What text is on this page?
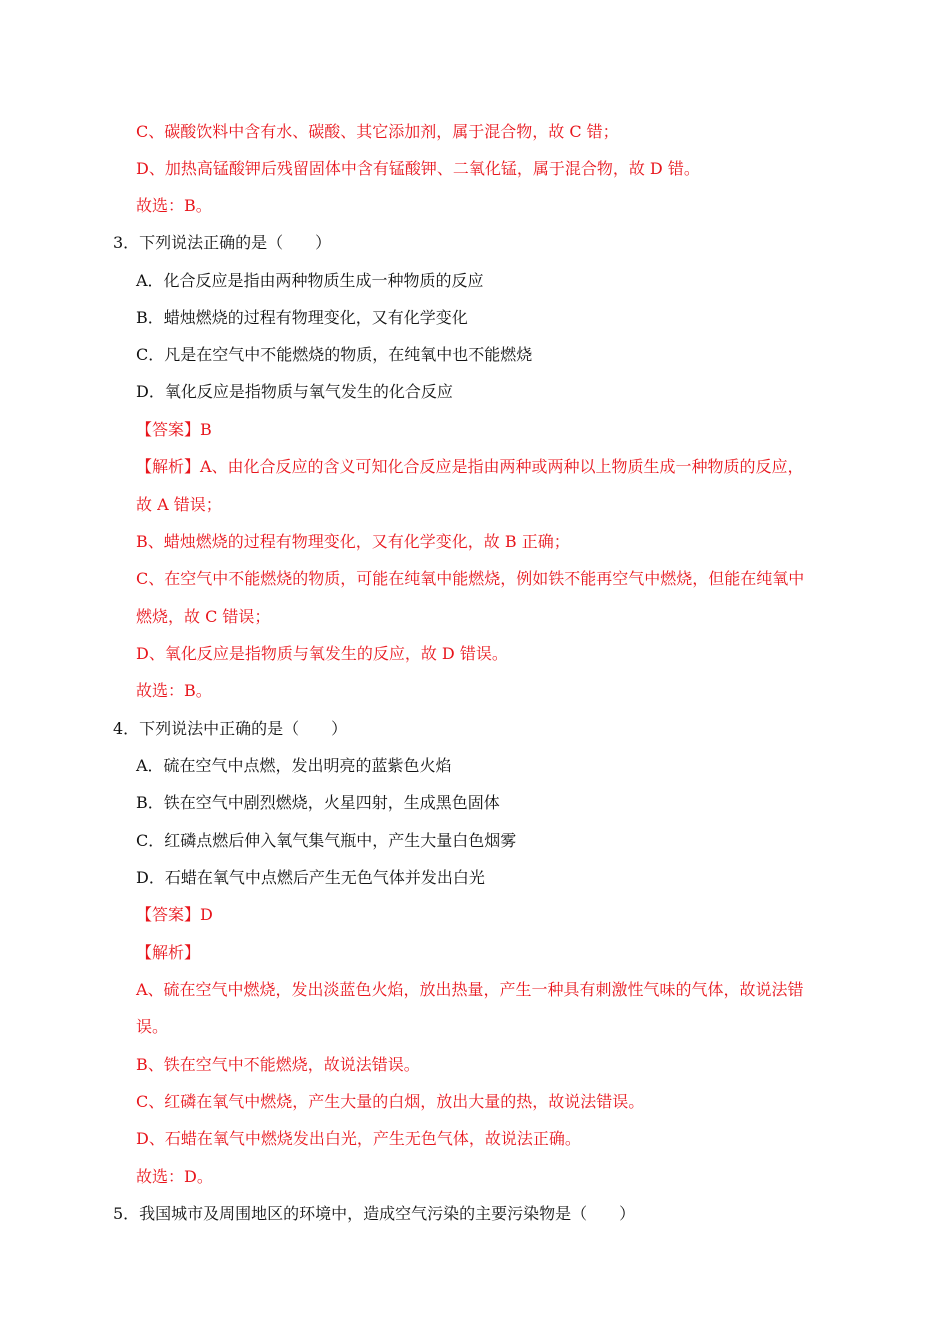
C、碳酸饮料中含有水、碳酸、其它添加剂，属于混合物，故 C 错；
D、加热高锰酸钾后残留固体中含有锰酸钾、二氧化锰，属于混合物，故 D 错。
故选：B。
3．下列说法正确的是（　　）
A．化合反应是指由两种物质生成一种物质的反应
B．蜡烛燃烧的过程有物理变化，又有化学变化
C．凡是在空气中不能燃烧的物质，在纯氧中也不能燃烧
D．氧化反应是指物质与氧气发生的化合反应
【答案】B
【解析】A、由化合反应的含义可知化合反应是指由两种或两种以上物质生成一种物质的反应，
故 A 错误；
B、蜡烛燃烧的过程有物理变化，又有化学变化，故 B 正确；
C、在空气中不能燃烧的物质，可能在纯氧中能燃烧，例如铁不能再空气中燃烧，但能在纯氧中
燃烧，故 C 错误；
D、氧化反应是指物质与氧发生的反应，故 D 错误。
故选：B。
4．下列说法中正确的是（　　）
A．硫在空气中点燃，发出明亮的蓝紫色火焰
B．铁在空气中剧烈燃烧，火星四射，生成黑色固体
C．红磷点燃后伸入氧气集气瓶中，产生大量白色烟雾
D．石蜡在氧气中点燃后产生无色气体并发出白光
【答案】D
【解析】
A、硫在空气中燃烧，发出淡蓝色火焰，放出热量，产生一种具有刺激性气味的气体，故说法错
误。
B、铁在空气中不能燃烧，故说法错误。
C、红磷在氧气中燃烧，产生大量的白烟，放出大量的热，故说法错误。
D、石蜡在氧气中燃烧发出白光，产生无色气体，故说法正确。
故选：D。
5．我国城市及周围地区的环境中，造成空气污染的主要污染物是（　　）
